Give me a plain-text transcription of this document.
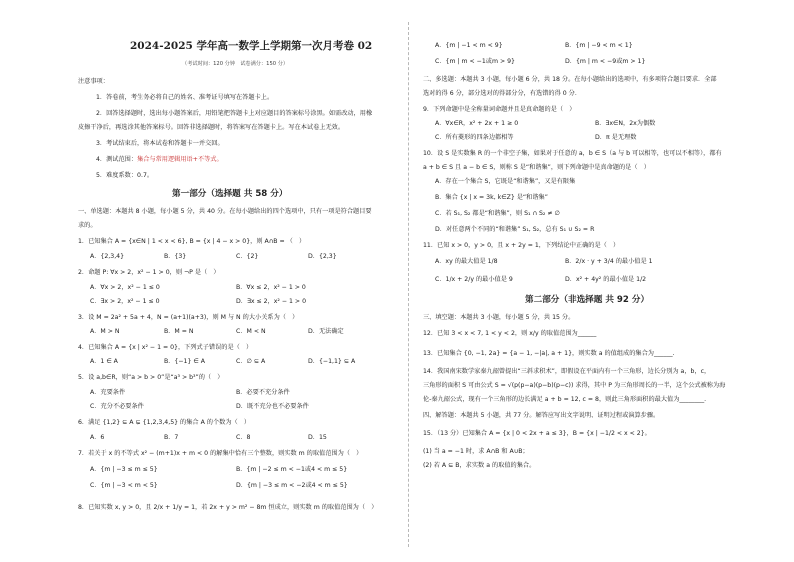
2024-2025 学年高一数学上学期第一次月考卷 02
（考试时间：120 分钟　试卷满分：150 分）
注意事项：
1．答卷前，考生务必将自己的姓名、准考证号填写在答题卡上。
2．回答选择题时，选出每小题答案后，用铅笔把答题卡上对应题目的答案标号涂黑。如需改动，用橡
皮擦干净后，再选涂其他答案标号。回答非选择题时，将答案写在答题卡上。写在本试卷上无效。
3．考试结束后，将本试卷和答题卡一并交回。
4．测试范围：集合与常用逻辑用语+不等式。
5．难度系数：0.7。
第一部分（选择题 共 58 分）
一、单选题：本题共 8 小题，每小题 5 分，共 40 分。在每小题给出的四个选项中，只有一项是符合题目要
求的。
1．已知集合 A = {x∈N | 1 < x < 6}, B = {x | 4 − x > 0}，则 A∩B = （　）
A．{2,3,4}	B．{3}	C．{2}	D．{2,3}
2．命题 P: ∀x > 2，x² − 1 > 0，则 ¬P 是（　）
A．∀x > 2，x² − 1 ≤ 0	B．∀x ≤ 2，x² − 1 > 0
C．∃x > 2，x² − 1 ≤ 0	D．∃x ≤ 2，x² − 1 > 0
3．设 M = 2a² + 5a + 4，N = (a+1)(a+3)，则 M 与 N 的大小关系为（　）
A．M > N	B．M = N	C．M < N	D．无法确定
4．已知集合 A = {x | x² − 1 = 0}，下列式子错误的是（　）
A．1 ∈ A	B．{−1} ∈ A	C．∅ ⊆ A	D．{−1,1} ⊆ A
5．设 a,b∈R，则“a > b > 0”是“a³ > b³”的（　）
A．充要条件	B．必要不充分条件
C．充分不必要条件	D．既不充分也不必要条件
6．满足 {1,2} ⊆ A ⊊ {1,2,3,4,5} 的集合 A 的个数为（　）
A．6	B．7	C．8	D．15
7．若关于 x 的不等式 x² − (m+1)x + m < 0 的解集中恰有三个整数，则实数 m 的取值范围为（　）
A．{m | −3 ≤ m ≤ 5}	B．{m | −2 ≤ m < −1或4 < m ≤ 5}
C．{m | −3 < m < 5}	D．{m | −3 ≤ m < −2或4 < m ≤ 5}
8．已知实数 x, y > 0，且 2/x + 1/y = 1，若 2x + y > m² − 8m 恒成立，则实数 m 的取值范围为（　）
A．{m | −1 < m < 9}	B．{m | −9 < m < 1}
C．{m | m < −1或m > 9}	D．{m | m < −9或m > 1}
二、多选题：本题共 3 小题，每小题 6 分，共 18 分。在每小题给出的选项中，有多项符合题目要求．全部
选对的得 6 分，部分选对的得部分分，有选错的得 0 分．
9．下列命题中是全称量词命题并且是真命题的是（　）
A．∀x∈R，x² + 2x + 1 ≥ 0	B．∃x∈N，2x为偶数
C．所有菱形的四条边都相等	D．π 是无理数
10．设 S 是实数集 R 的一个非空子集，如果对于任意的 a，b ∈ S（a 与 b 可以相等，也可以不相等），都有
a + b ∈ S 且 a − b ∈ S，则称 S 是“和谐集”，则下列命题中是真命题的是（　）
A．存在一个集合 S，它既是“和谐集”，又是有限集
B．集合 {x | x = 3k, k∈Z} 是“和谐集”
C．若 S₁, S₂ 都是“和谐集”，则 S₁ ∩ S₂ ≠ ∅
D．对任意两个不同的“和谐集” S₁, S₂，总有 S₁ ∪ S₂ = R
11．已知 x > 0，y > 0，且 x + 2y = 1，下列结论中正确的是（　）
A．xy 的最大值是 1/8	B．2/x · y + 3/4 的最小值是 1
C．1/x + 2/y 的最小值是 9	D．x² + 4y² 的最小值是 1/2
第二部分（非选择题 共 92 分）
三、填空题：本题共 3 小题，每小题 5 分，共 15 分。
12．已知 3 < x < 7, 1 < y < 2，则 x/y 的取值范围为______
13．已知集合 {0, −1, 2a} = {a − 1, −|a|, a + 1}，则实数 a 的值组成的集合为______.
14．我国南宋数学家秦九韶曾提出“三斜求积术”，即假设在平面内有一个三角形，边长分别为 a，b，c，
三角形的面积 S 可由公式 S = √(p(p−a)(p−b)(p−c)) 求得，其中 P 为三角形周长的一半，这个公式被称为海
伦-秦九韶公式，现有一个三角形的边长满足 a + b = 12, c = 8，则此三角形面积的最大值为________.
四、解答题：本题共 5 小题，共 77 分。解答应写出文字说明、证明过程或演算步骤。
15．（13 分）已知集合 A = {x | 0 < 2x + a ≤ 3}，B = {x | −1/2 < x < 2}。
(1) 当 a = −1 时，求 A∩B 和 A∪B；
(2) 若 A ⊆ B，求实数 a 的取值的集合。
